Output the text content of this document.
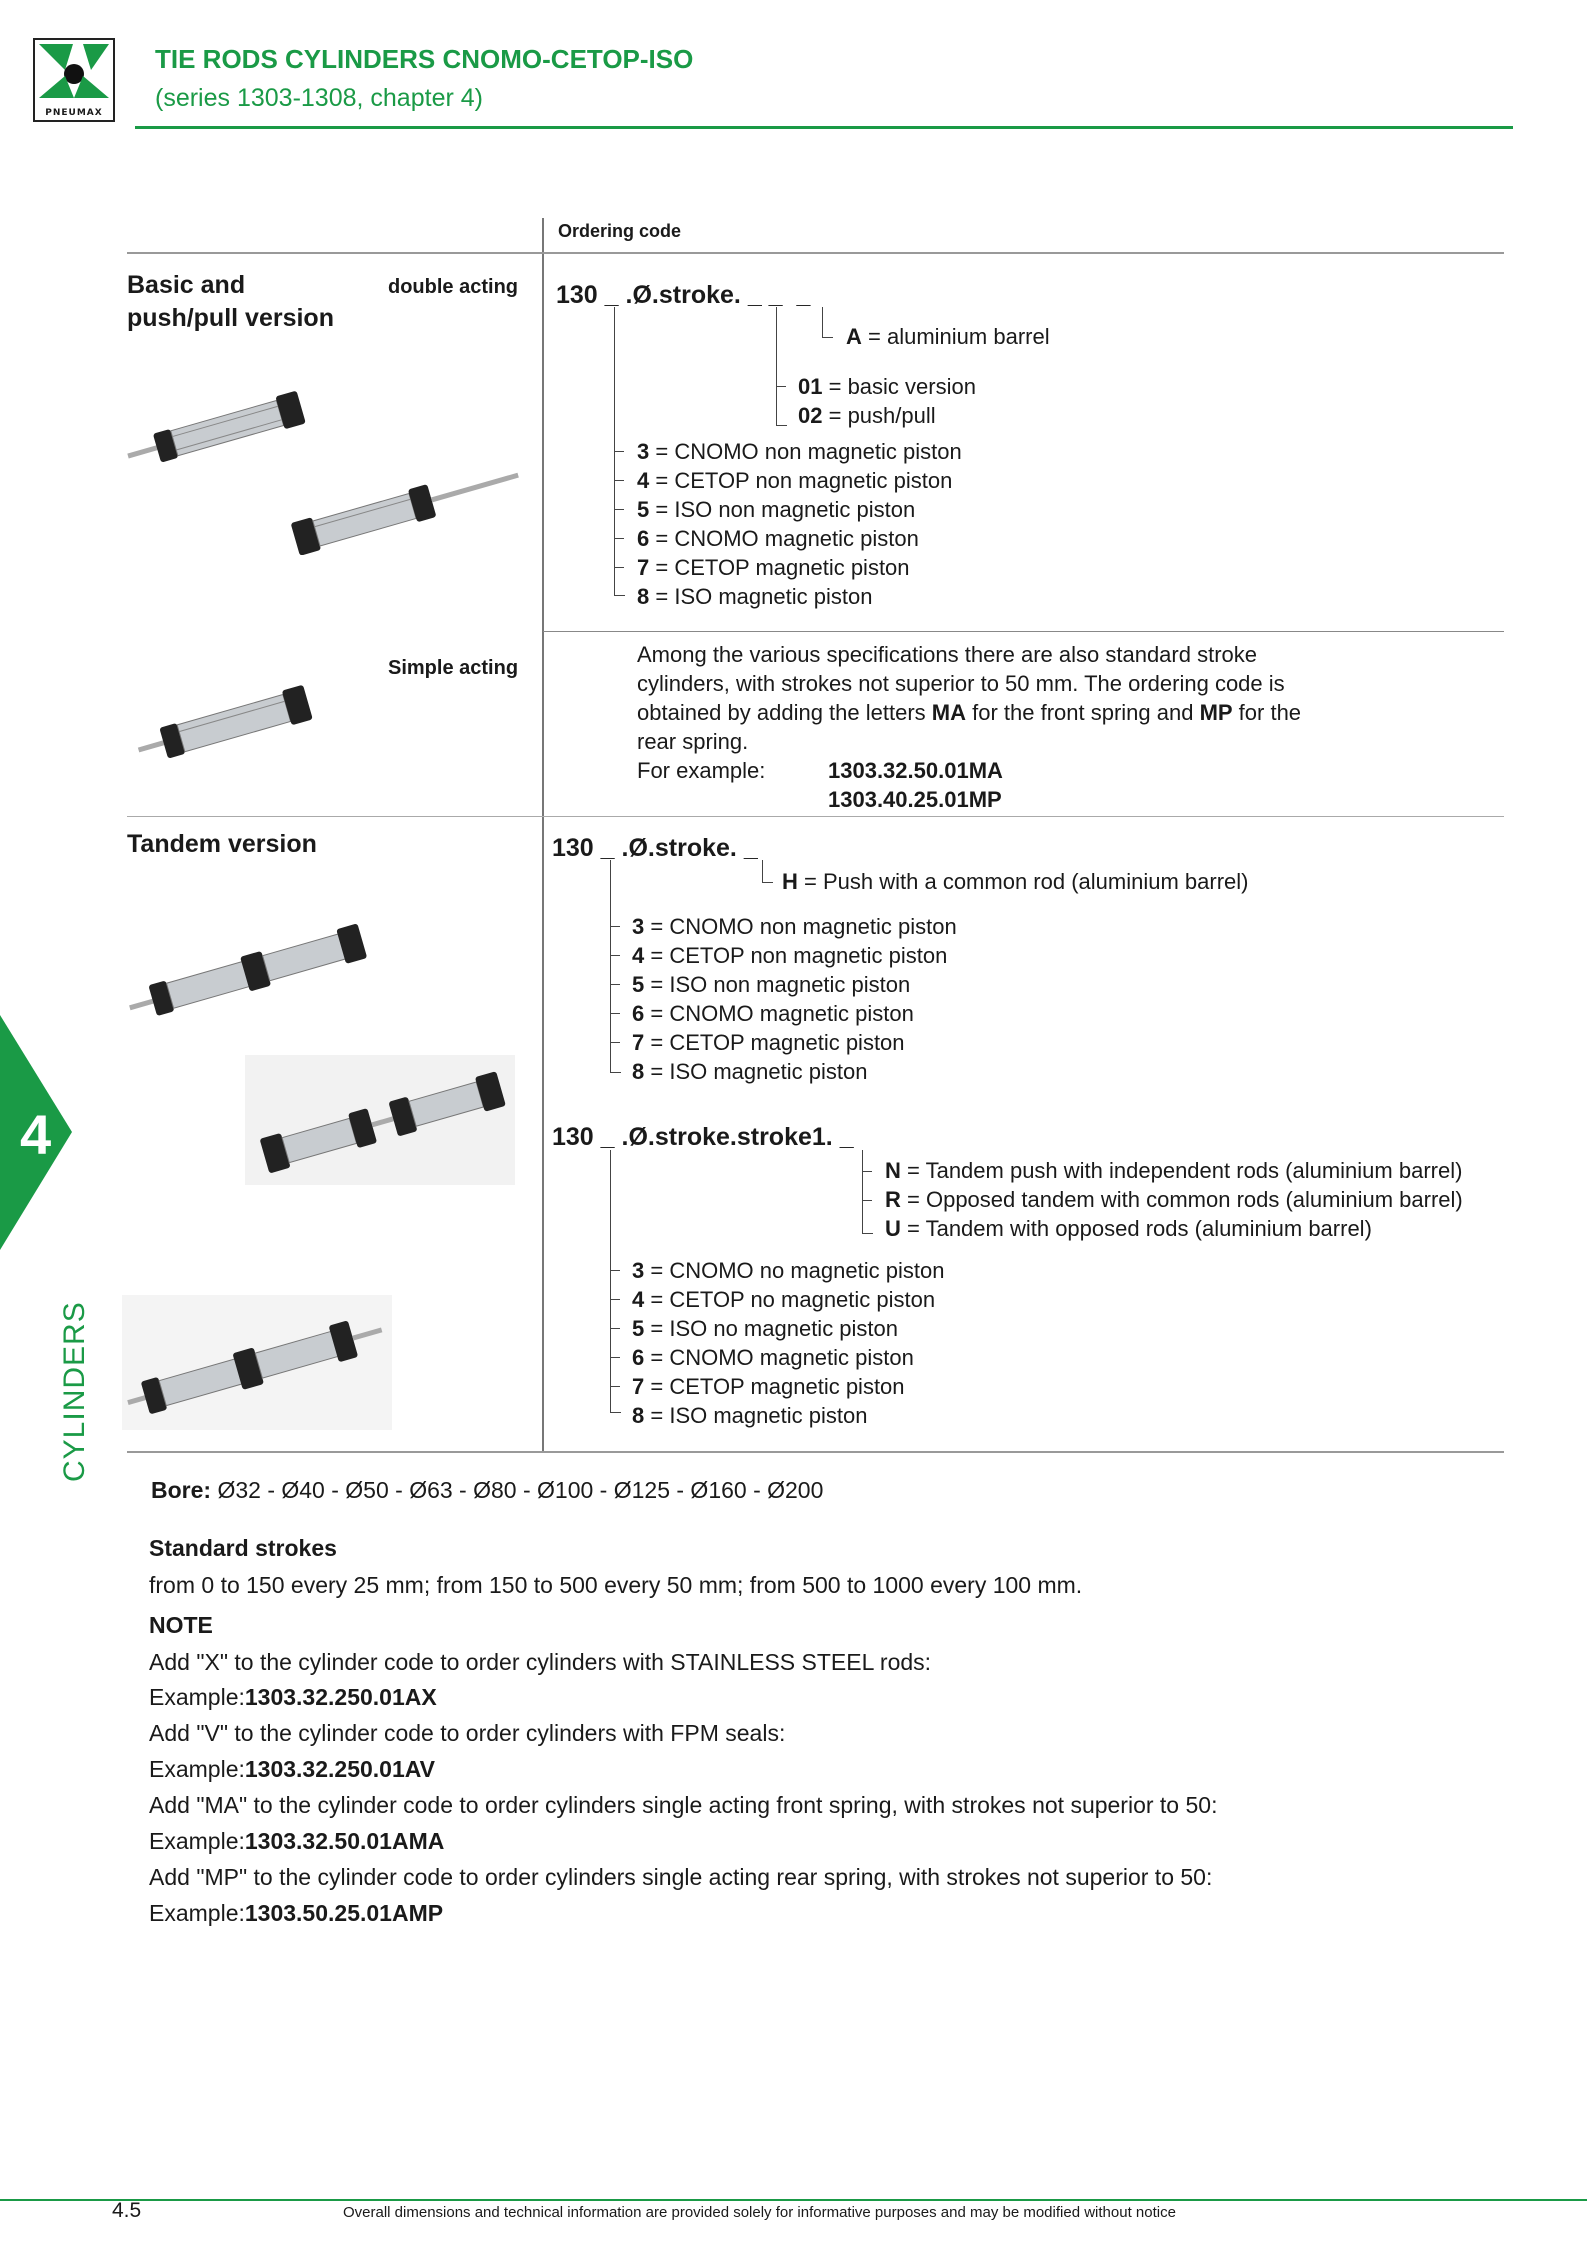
PNEUMAX
TIE RODS CYLINDERS CNOMO-CETOP-ISO
(series 1303-1308, chapter 4)
Ordering code
Basic and
push/pull version
double acting 130 _ .Ø.stroke. _ _  _
A = aluminium barrel
01 = basic version
02 = push/pull
3 = CNOMO non magnetic piston
4 = CETOP non magnetic piston
5 = ISO non magnetic piston
6 = CNOMO magnetic piston
7 = CETOP magnetic piston
8 = ISO magnetic piston
Simple acting
Among the various specifications there are also standard stroke
cylinders, with strokes not superior to 50 mm. The ordering code is
obtained by adding the letters MA for the front spring and MP for the
rear spring.
For example:	1303.32.50.01MA
1303.40.25.01MP
Tandem version	130 _ .Ø.stroke. _
H = Push with a common rod (aluminium barrel)
3 = CNOMO non magnetic piston
4 = CETOP non magnetic piston
5 = ISO non magnetic piston
6 = CNOMO magnetic piston
7 = CETOP magnetic piston
8 = ISO magnetic piston
130 _ .Ø.stroke.stroke1. _
N = Tandem push with independent rods (aluminium barrel)
R = Opposed tandem with common rods (aluminium barrel)
U = Tandem with opposed rods (aluminium barrel)
3 = CNOMO no magnetic piston
4 = CETOP no magnetic piston
5 = ISO no magnetic piston
6 = CNOMO magnetic piston
7 = CETOP magnetic piston
8 = ISO magnetic piston
Bore: Ø32 - Ø40 - Ø50 - Ø63 - Ø80 - Ø100 - Ø125 - Ø160 - Ø200
Standard strokes
from 0 to 150 every 25 mm; from 150 to 500 every 50 mm; from 500 to 1000 every 100 mm.
NOTE
Add "X" to the cylinder code to order cylinders with STAINLESS STEEL rods:
Example:1303.32.250.01AX
Add "V" to the cylinder code to order cylinders with FPM seals:
Example:1303.32.250.01AV
Add "MA" to the cylinder code to order cylinders single acting front spring, with strokes not superior to 50:
Example:1303.32.50.01AMA
Add "MP" to the cylinder code to order cylinders single acting rear spring, with strokes not superior to 50:
Example:1303.50.25.01AMP
4
CYLINDERS
4.5	Overall dimensions and technical information are provided solely for informative purposes and may be modified without notice
